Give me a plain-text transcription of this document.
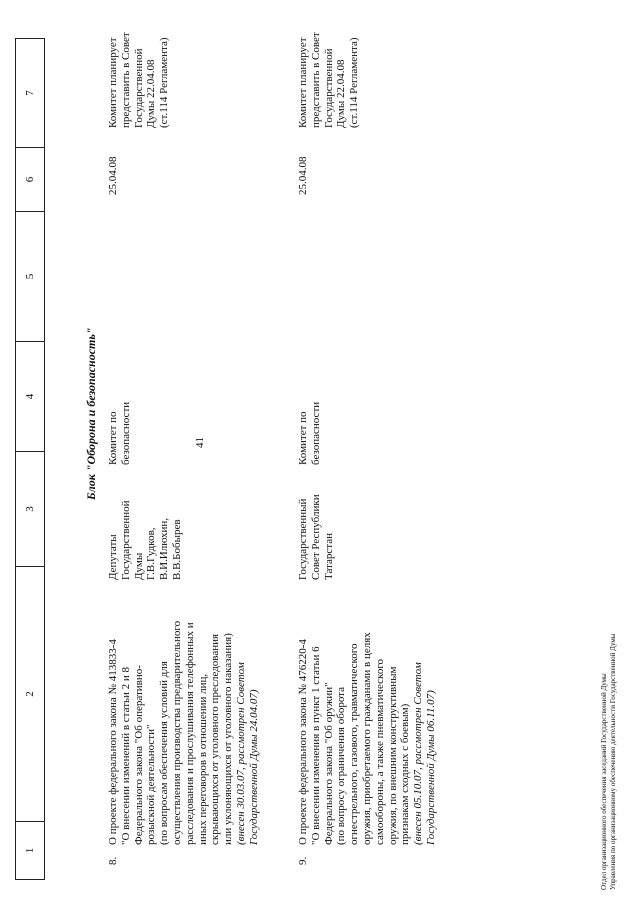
41
1
2
3
4
5
6
7
Блок "Оборона и безопасность"
8.

О проекте федерального закона № 413833-4 "О внесении изменений в статьи 2 и 8 Федерального закона "Об оперативно- розыскной деятельности" (по вопросам обеспечения условий для осуществления производства предварительного расследования и прослушивания телефонных и иных переговоров в отношении лиц, скрывающихся от уголовного преследования или уклоняющихся от уголовного наказания) (внесен 30.03.07, рассмотрен Советом Государственной Думы 24.04.07)

Депутаты Государственной Думы Г.В.Гудков, В.И.Илюхин, В.В.Бобырев

Комитет по безопасности

25.04.08

Комитет планирует представить в Совет Государственной Думы 22.04.08 (ст.114 Регламента)

9.

О проекте федерального закона № 476220-4 "О внесении изменения в пункт 1 статьи 6 Федерального закона "Об оружии" (по вопросу ограничения оборота огнестрельного, газового, травматического оружия, приобретаемого гражданами в целях самообороны, а также пневматического оружия, по внешним конструктивным признакам сходных с боевым) (внесен 05.10.07, рассмотрен Советом Государственной Думы 06.11.07)

Государственный Совет Республики Татарстан

Комитет по безопасности

25.04.08

Комитет планирует представить в Совет Государственной Думы 22.04.08 (ст.114 Регламента)

Отдел организационного обеспечения заседаний Государственной Думы Управления по организационному обеспечению деятельности Государственной Думы
